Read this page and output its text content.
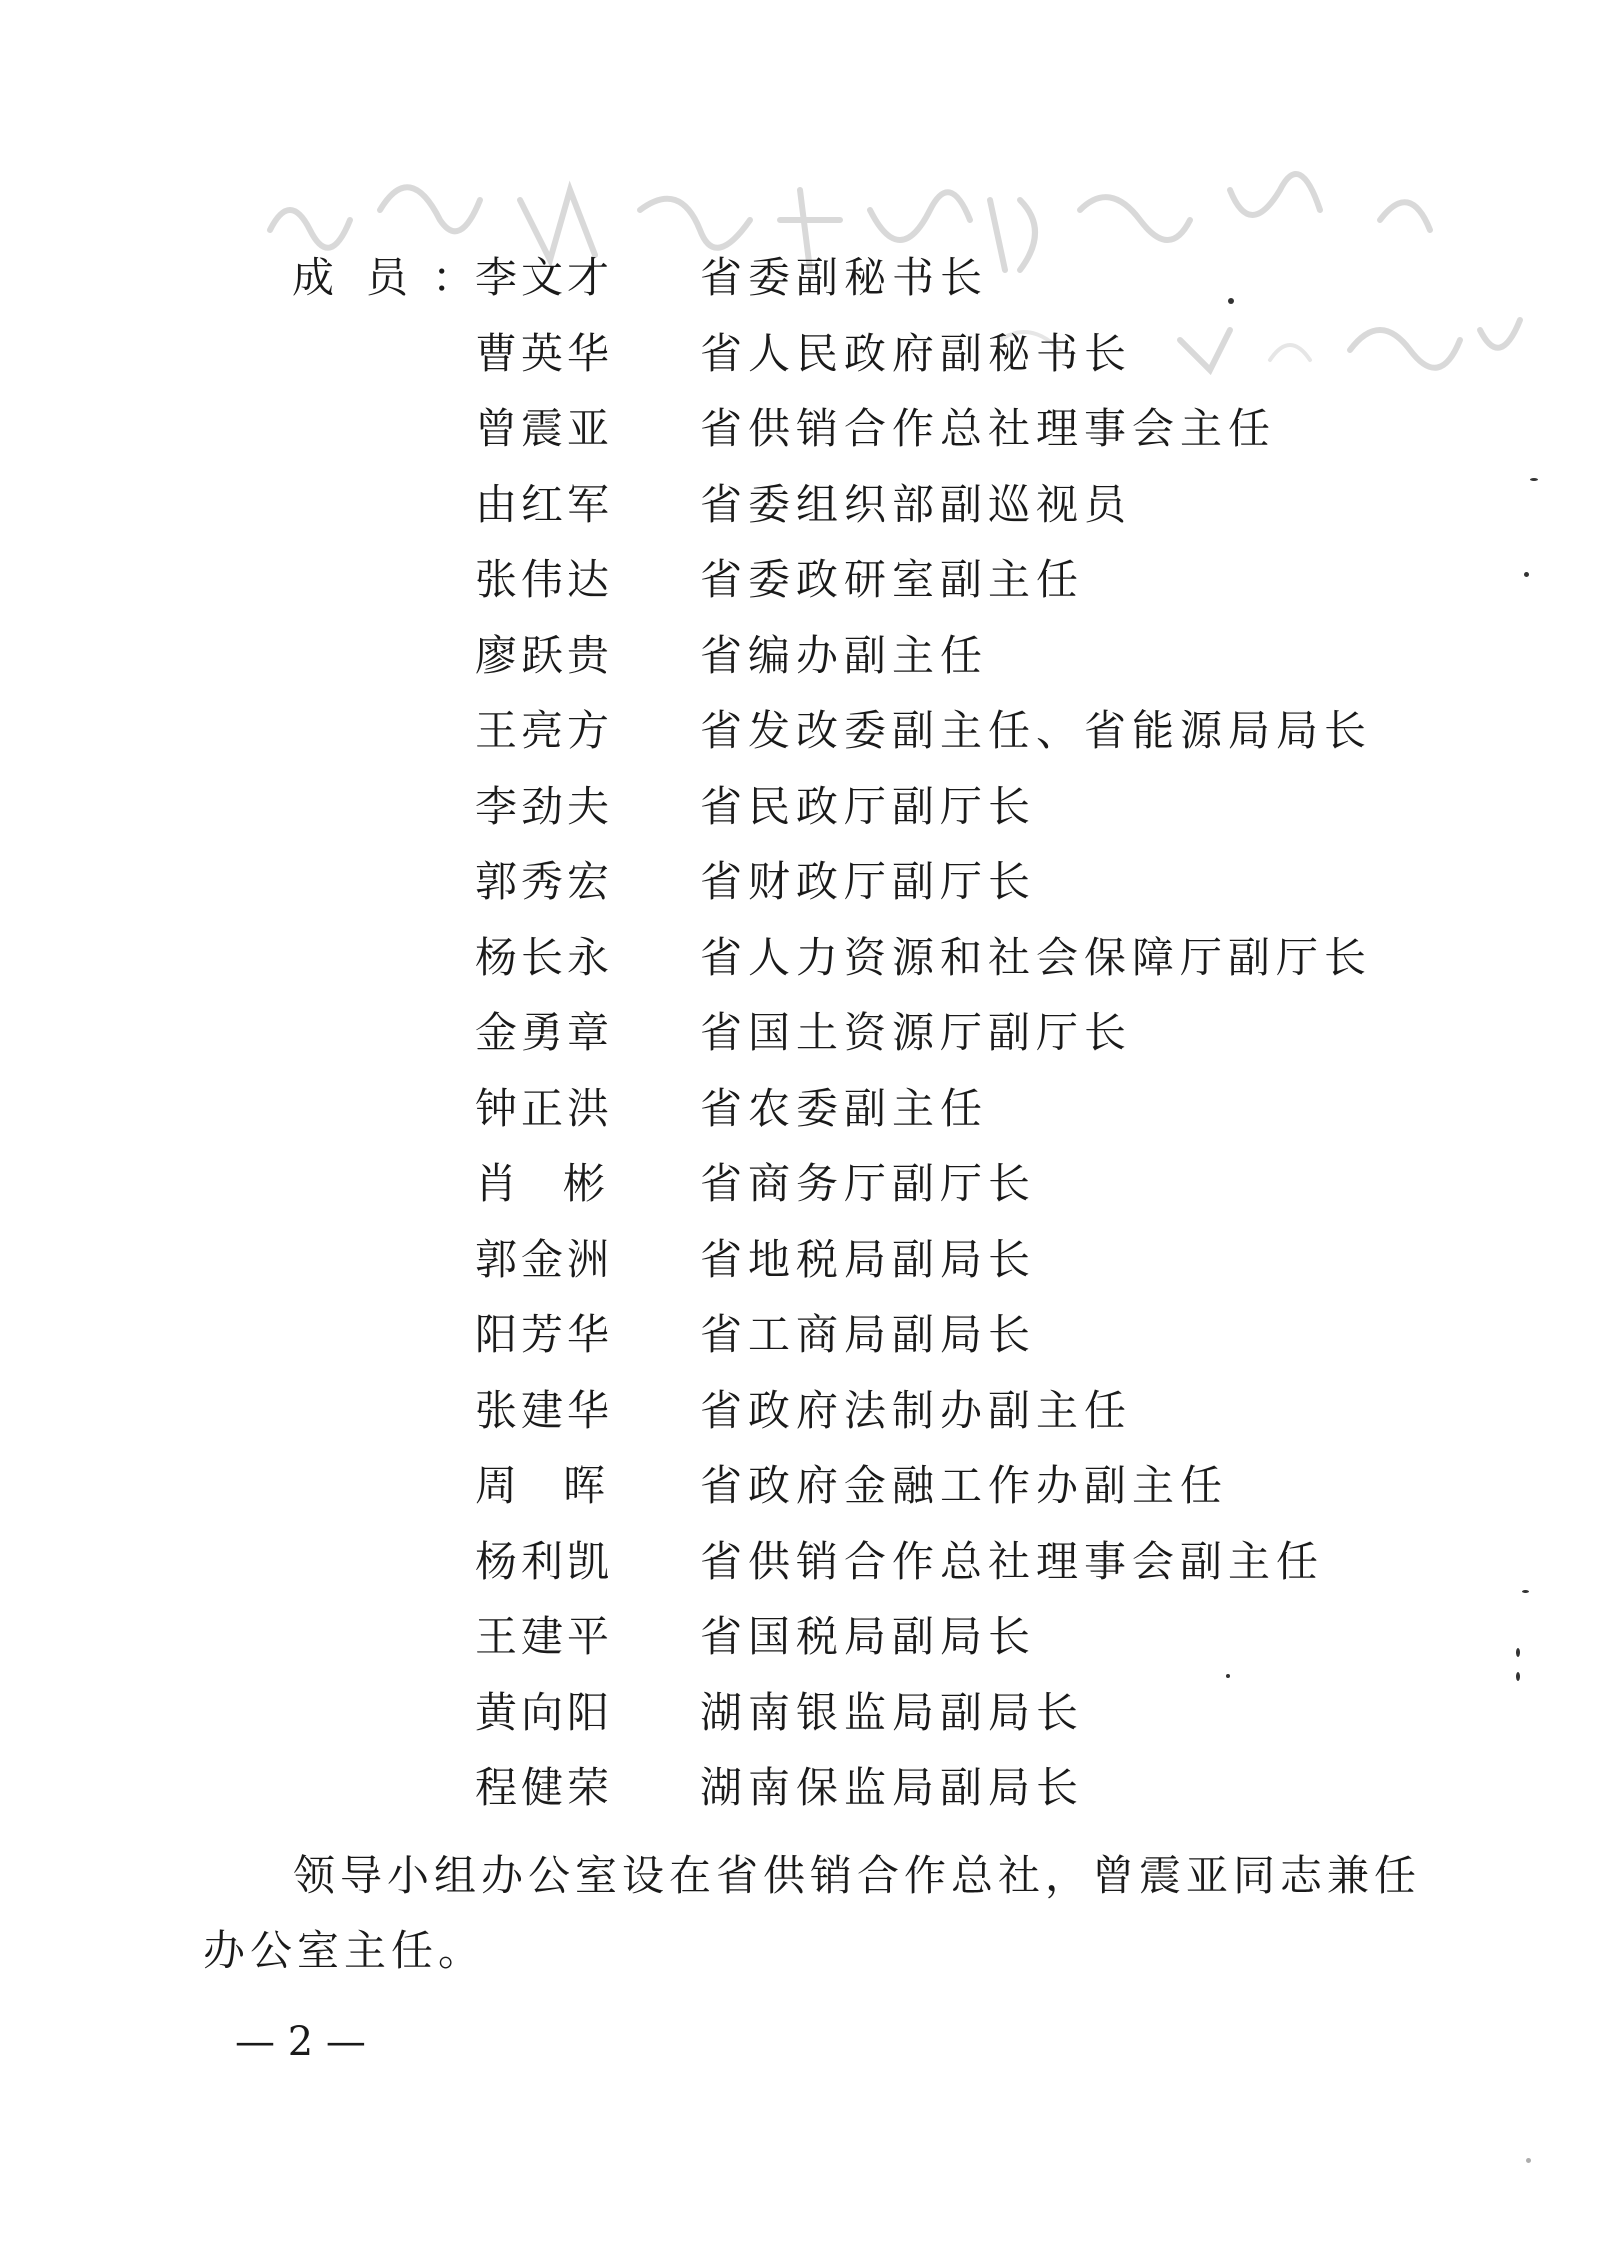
成员
： 李文才 省委副秘书长
曹英华 省人民政府副秘书长
曾震亚 省供销合作总社理事会主任
由红军 省委组织部副巡视员
张伟达 省委政研室副主任
廖跃贵 省编办副主任
王亮方 省发改委副主任、省能源局局长
李劲夫 省民政厅副厅长
郭秀宏 省财政厅副厅长
杨长永 省人力资源和社会保障厅副厅长
金勇章 省国土资源厅副厅长
钟正洪 省农委副主任
肖彬 省商务厅副厅长
郭金洲 省地税局副局长
阳芳华 省工商局副局长
张建华 省政府法制办副主任
周晖 省政府金融工作办副主任
杨利凯 省供销合作总社理事会副主任
王建平 省国税局副局长
黄向阳 湖南银监局副局长
程健荣 湖南保监局副局长
领导小组办公室设在省供销合作总社，曾震亚同志兼任
办公室主任。
— 2 —
